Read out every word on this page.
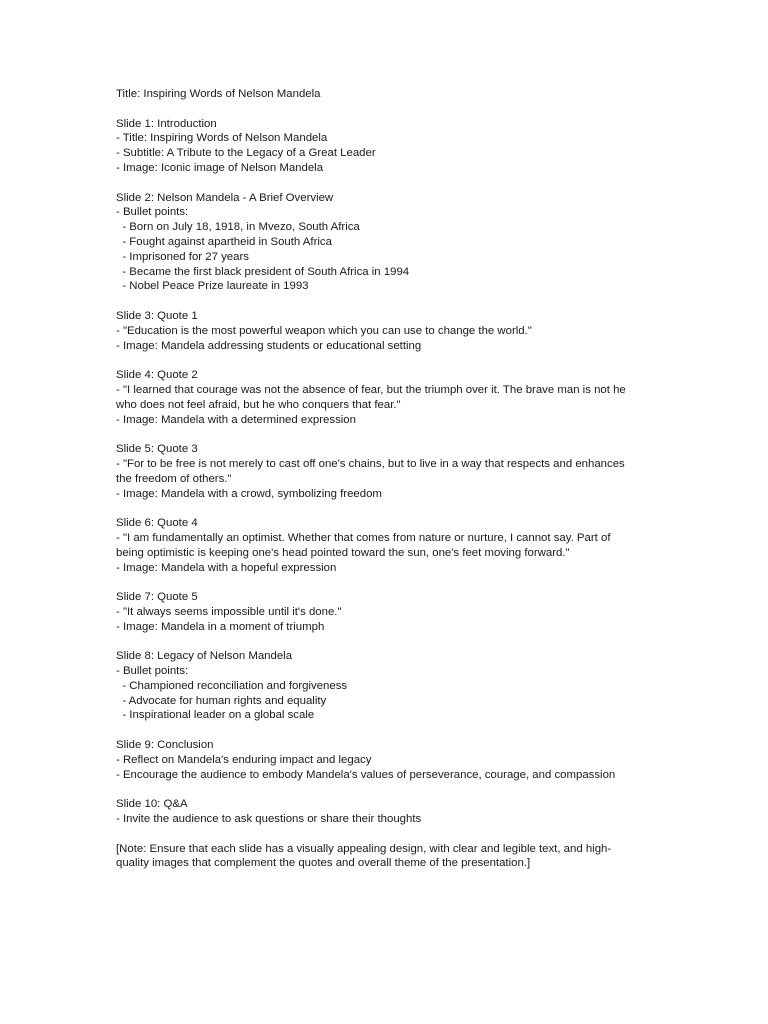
Title: Inspiring Words of Nelson Mandela
Slide 1: Introduction
- Title: Inspiring Words of Nelson Mandela
- Subtitle: A Tribute to the Legacy of a Great Leader
- Image: Iconic image of Nelson Mandela
Slide 2: Nelson Mandela - A Brief Overview
- Bullet points:
- Born on July 18, 1918, in Mvezo, South Africa
- Fought against apartheid in South Africa
- Imprisoned for 27 years
- Became the first black president of South Africa in 1994
- Nobel Peace Prize laureate in 1993
Slide 3: Quote 1
- "Education is the most powerful weapon which you can use to change the world."
- Image: Mandela addressing students or educational setting
Slide 4: Quote 2
- "I learned that courage was not the absence of fear, but the triumph over it. The brave man is not he
who does not feel afraid, but he who conquers that fear."
- Image: Mandela with a determined expression
Slide 5: Quote 3
- "For to be free is not merely to cast off one's chains, but to live in a way that respects and enhances
the freedom of others."
- Image: Mandela with a crowd, symbolizing freedom
Slide 6: Quote 4
- "I am fundamentally an optimist. Whether that comes from nature or nurture, I cannot say. Part of
being optimistic is keeping one's head pointed toward the sun, one's feet moving forward."
- Image: Mandela with a hopeful expression
Slide 7: Quote 5
- "It always seems impossible until it's done."
- Image: Mandela in a moment of triumph
Slide 8: Legacy of Nelson Mandela
- Bullet points:
- Championed reconciliation and forgiveness
- Advocate for human rights and equality
- Inspirational leader on a global scale
Slide 9: Conclusion
- Reflect on Mandela's enduring impact and legacy
- Encourage the audience to embody Mandela's values of perseverance, courage, and compassion
Slide 10: Q&A
- Invite the audience to ask questions or share their thoughts
[Note: Ensure that each slide has a visually appealing design, with clear and legible text, and high-
quality images that complement the quotes and overall theme of the presentation.]
